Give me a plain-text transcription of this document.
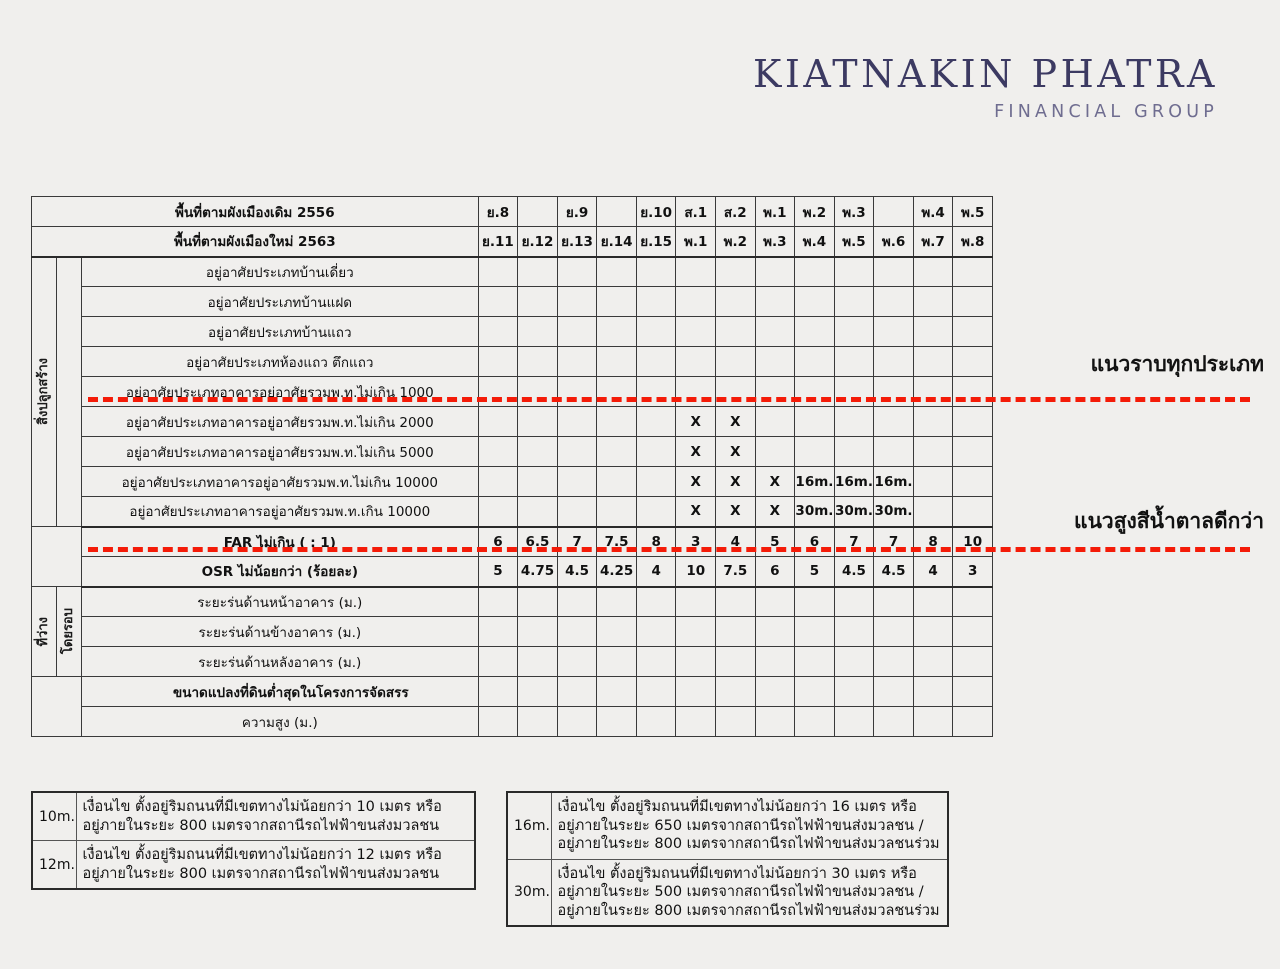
KIATNAKIN PHATRA
FINANCIAL GROUP
พื้นที่ตามผังเมืองเดิม 2556			ย.8		ย.9		ย.10	ส.1	ส.2	พ.1	พ.2	พ.3		พ.4	พ.5
พื้นที่ตามผังเมืองใหม่ 2563			ย.11	ย.12	ย.13	ย.14	ย.15	พ.1	พ.2	พ.3	พ.4	พ.5	พ.6	พ.7	พ.8

สิ่งปลูกสร้าง		อยู่อาศัยประเภทบ้านเดี่ยว													
		อยู่อาศัยประเภทบ้านแฝด													
		อยู่อาศัยประเภทบ้านแถว													
		อยู่อาศัยประเภทห้องแถว ตึกแถว													
		อยู่อาศัยประเภทอาคารอยู่อาศัยรวมพ.ท.ไม่เกิน 1000													
		อยู่อาศัยประเภทอาคารอยู่อาศัยรวมพ.ท.ไม่เกิน 2000						X	X						
		อยู่อาศัยประเภทอาคารอยู่อาศัยรวมพ.ท.ไม่เกิน 5000						X	X						
		อยู่อาศัยประเภทอาคารอยู่อาศัยรวมพ.ท.ไม่เกิน 10000						X	X	X	16m.	16m.	16m.		
		อยู่อาศัยประเภทอาคารอยู่อาศัยรวมพ.ท.เกิน 10000						X	X	X	30m.	30m.	30m.		
		FAR ไม่เกิน ( : 1)	6	6.5	7	7.5	8	3	4	5	6	7	7	8	10
		OSR ไม่น้อยกว่า (ร้อยละ)	5	4.75	4.5	4.25	4	10	7.5	6	5	4.5	4.5	4	3

ที่ว่าง	โดยรอบ	ระยะร่นด้านหน้าอาคาร (ม.)													
		ระยะร่นด้านข้างอาคาร (ม.)													
		ระยะร่นด้านหลังอาคาร (ม.)													
		ขนาดแปลงที่ดินต่ำสุดในโครงการจัดสรร													
		ความสูง (ม.)													
แนวราบทุกประเภท
แนวสูงสีน้ำตาลดีกว่า
10m.	เงื่อนไข ตั้งอยู่ริมถนนที่มีเขตทางไม่น้อยกว่า 10 เมตร หรือ
อยู่ภายในระยะ 800 เมตรจากสถานีรถไฟฟ้าขนส่งมวลชน

12m.	เงื่อนไข ตั้งอยู่ริมถนนที่มีเขตทางไม่น้อยกว่า 12 เมตร หรือ
อยู่ภายในระยะ 800 เมตรจากสถานีรถไฟฟ้าขนส่งมวลชน
16m.	เงื่อนไข ตั้งอยู่ริมถนนที่มีเขตทางไม่น้อยกว่า 16 เมตร หรือ
อยู่ภายในระยะ 650 เมตรจากสถานีรถไฟฟ้าขนส่งมวลชน /
อยู่ภายในระยะ 800 เมตรจากสถานีรถไฟฟ้าขนส่งมวลชนร่วม

30m.	เงื่อนไข ตั้งอยู่ริมถนนที่มีเขตทางไม่น้อยกว่า 30 เมตร หรือ
อยู่ภายในระยะ 500 เมตรจากสถานีรถไฟฟ้าขนส่งมวลชน /
อยู่ภายในระยะ 800 เมตรจากสถานีรถไฟฟ้าขนส่งมวลชนร่วม
